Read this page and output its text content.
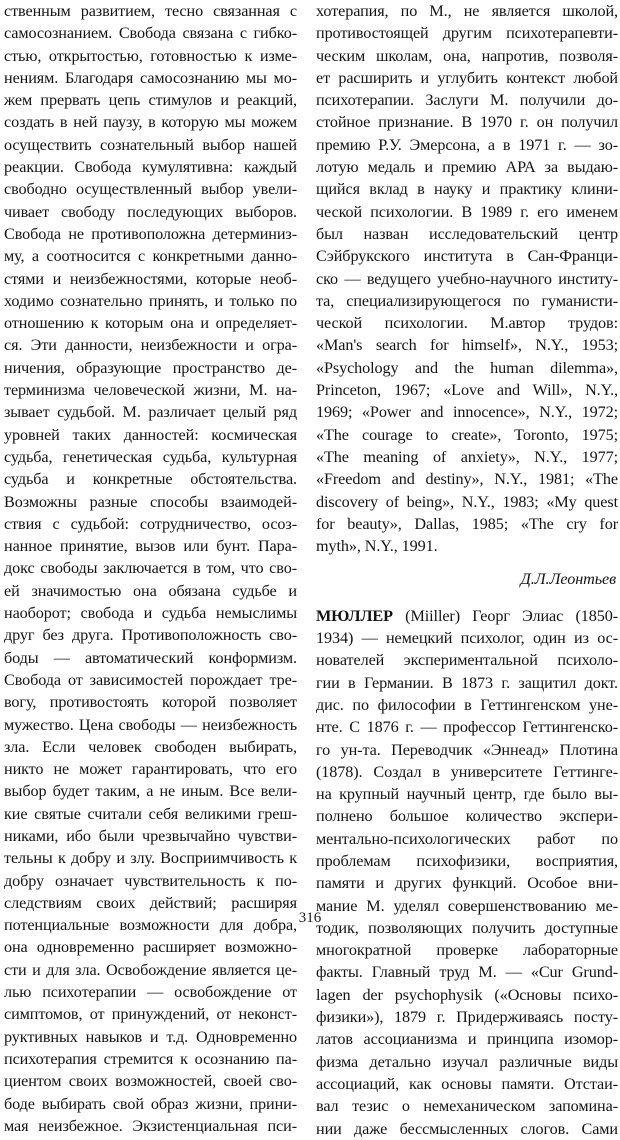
ственным развитием, тесно связанная с
самосознанием. Свобода связана с гибко-
стью, открытостью, готовностью к изме-
нениям. Благодаря самосознанию мы мо-
жем прервать цепь стимулов и реакций,
создать в ней паузу, в которую мы можем
осуществить сознательный выбор нашей
реакции. Свобода кумулятивна: каждый
свободно осуществленный выбор увели-
чивает свободу последующих выборов.
Свобода не противоположна детерминиз-
му, а соотносится с конкретными данно-
стями и неизбежностями, которые необ-
ходимо сознательно принять, и только по
отношению к которым она и определяет-
ся. Эти данности, неизбежности и огра-
ничения, образующие пространство де-
терминизма человеческой жизни, М. на-
зывает судьбой. М. различает целый ряд
уровней таких данностей: космическая
судьба, генетическая судьба, культурная
судьба и конкретные обстоятельства.
Возможны разные способы взаимодей-
ствия с судьбой: сотрудничество, осоз-
нанное принятие, вызов или бунт. Пара-
докс свободы заключается в том, что сво-
ей значимостью она обязана судьбе и
наоборот; свобода и судьба немыслимы
друг без друга. Противоположность сво-
боды — автоматический конформизм.
Свобода от зависимостей порождает тре-
вогу, противостоять которой позволяет
мужество. Цена свободы — неизбежность
зла. Если человек свободен выбирать,
никто не может гарантировать, что его
выбор будет таким, а не иным. Все вели-
кие святые считали себя великими греш-
никами, ибо были чрезвычайно чувстви-
тельны к добру и злу. Восприимчивость к
добру означает чувствительность к по-
следствиям своих действий; расширяя
потенциальные возможности для добра,
она одновременно расширяет возможно-
сти и для зла. Освобождение является це-
лью психотерапии — освобождение от
симптомов, от принуждений, от неконст-
руктивных навыков и т.д. Одновременно
психотерапия стремится к осознанию па-
циентом своих возможностей, своей сво-
боде выбирать свой образ жизни, прини-
мая неизбежное. Экзистенциальная пси-
хотерапия, по М., не является школой,
противостоящей другим психотерапевти-
ческим школам, она, напротив, позволя-
ет расширить и углубить контекст любой
психотерапии. Заслуги М. получили до-
стойное признание. В 1970 г. он получил
премию Р.У. Эмерсона, а в 1971 г. — зо-
лотую медаль и премию АРА за выдаю-
щийся вклад в науку и практику клини-
ческой психологии. В 1989 г. его именем
был назван исследовательский центр
Сэйбрукского института в Сан-Франци-
ско — ведущего учебно-научного институ-
та, специализирующегося по гуманисти-
ческой психологии. М.автор трудов:
«Man's search for himself», N.Y., 1953;
«Psychology and the human dilemma»,
Princeton, 1967; «Love and Will», N.Y.,
1969; «Power and innocence», N.Y., 1972;
«The courage to create», Toronto, 1975;
«The meaning of anxiety», N.Y., 1977;
«Freedom and destiny», N.Y., 1981; «The
discovery of being», N.Y., 1983; «My quest
for beauty», Dallas, 1985; «The cry for
myth», N.Y., 1991.
Д.Л.Леонтьев
МЮЛЛЕР (Miiller) Георг Элиас (1850-
1934) — немецкий психолог, один из ос-
нователей экспериментальной психоло-
гии в Германии. В 1873 г. защитил докт.
дис. по философии в Геттингенском уне-
нте. С 1876 г. — профессор Геттингенско-
го ун-та. Переводчик «Эннеад» Плотина
(1878). Создал в университете Геттинге-
на крупный научный центр, где было вы-
полнено большое количество экспери-
ментально-психологических работ по
проблемам психофизики, восприятия,
памяти и других функций. Особое вни-
мание М. уделял совершенствованию ме-
тодик, позволяющих получить доступные
многократной проверке лабораторные
факты. Главный труд М. — «Cur Grund-
lagen der psychophysik («Основы психо-
физики»), 1879 г. Придерживаясь посту-
латов ассоцианизма и принципа изомор-
физма детально изучал различные виды
ассоциаций, как основы памяти. Отстаи-
вал тезис о немеханическом запомина-
нии даже бессмысленных слогов. Сами
316
